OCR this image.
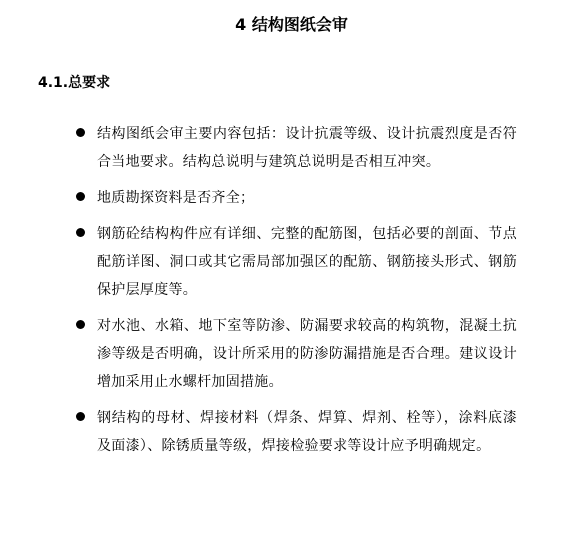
4 结构图纸会审
4.1.总要求
结构图纸会审主要内容包括：设计抗震等级、设计抗震烈度是否符合当地要求。结构总说明与建筑总说明是否相互冲突。
地质勘探资料是否齐全；
钢筋砼结构构件应有详细、完整的配筋图，包括必要的剖面、节点配筋详图、洞口或其它需局部加强区的配筋、钢筋接头形式、钢筋保护层厚度等。
对水池、水箱、地下室等防渗、防漏要求较高的构筑物，混凝土抗渗等级是否明确，设计所采用的防渗防漏措施是否合理。建议设计增加采用止水螺杆加固措施。
钢结构的母材、焊接材料（焊条、焊算、焊剂、栓等），涂料底漆及面漆）、除锈质量等级，焊接检验要求等设计应予明确规定。
